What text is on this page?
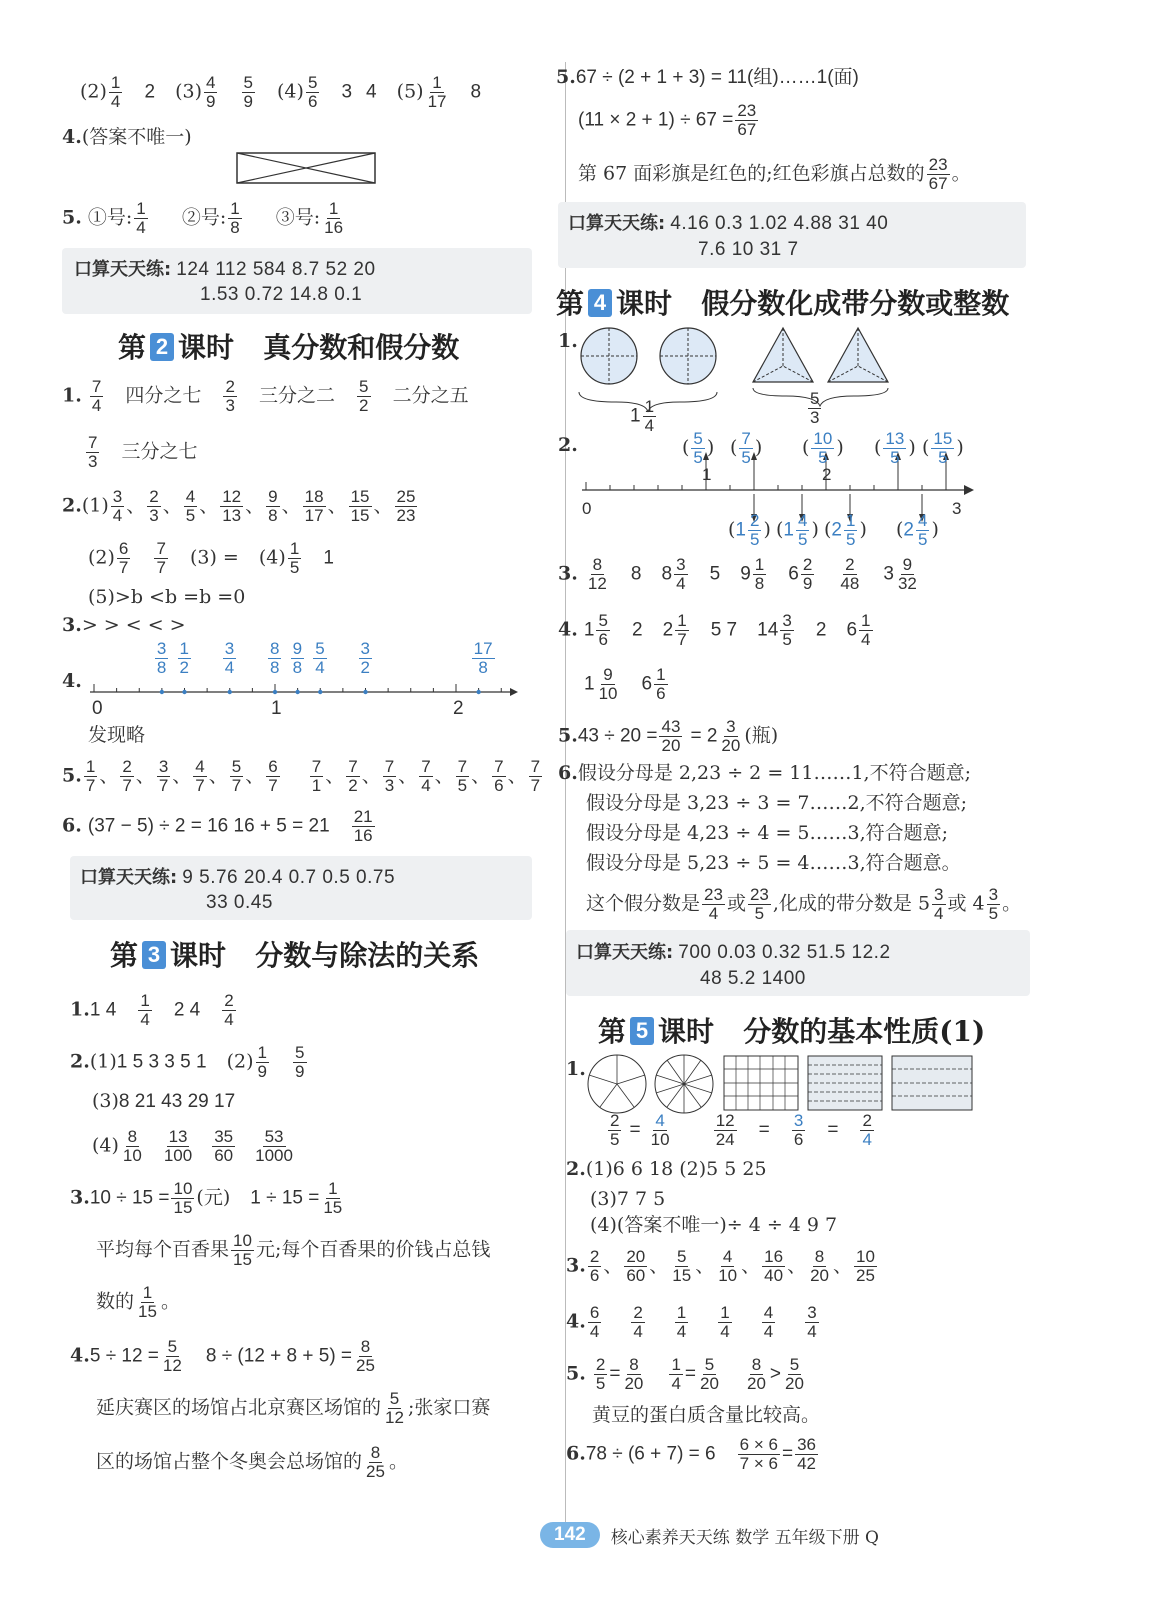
$(2) \frac{1}{4} 2$ $(3) \frac{4}{9}$
$\frac{5}{9} (4) \frac{5}{6} 3$ 4 $(5) \frac{1}{17} 8$
4.(答案不唯一)
5. ①号: $\frac{1}{4}$ ②号: $\frac{1}{8}$ ③号: $\frac{1}{16}$
口算天天练: 124 112 584 8.7 52 20
1.53 0.72 14.8 0.1
第 2 课时 真分数和假分数
1. $\frac{7}{4}$ 四分之七 $\frac{2}{3}$ 三分之二 $\frac{5}{2}$ 二分之五
$\frac{7}{3}$ 三分之七
$2.(1) \frac{3}{4}$ 、 $\frac{2}{3}$ 、 $\frac{4}{5}$ 、 $\frac{12}{13}$ 、 $\frac{9}{8}$ 、 $\frac{18}{17}$ 、 $\frac{15}{15}$ 、 $\frac{25}{23}$
$(2) \frac{6}{7}$
$\frac{7}{7} (3) = (4) \frac{1}{5} 1$
(5)>b <b =b =0
3.> > < < >
4.
$\frac{3}{8} \frac{1}{2} \frac{3}{4} \frac{8}{8} \frac{9}{8} \frac{5}{4} \frac{3}{2}$	$\frac{17}{8}$
0	1	2
发现略
5. $\frac{1}{7}$ 、 $\frac{2}{7}$ 、 $\frac{3}{7}$ 、 $\frac{4}{7}$ 、 $\frac{5}{7}$ 、 $\frac{6}{7} \frac{7}{1}$ 、 $\frac{7}{2}$ 、 $\frac{7}{3}$ 、 $\frac{7}{4}$ 、 $\frac{7}{5}$ 、 $\frac{7}{6}$ 、 $\frac{7}{7}$
6. (37 − 5) ÷ 2 = 16 $16 + 5 = 21 \frac{21}{16}$
口算天天练: 9 5.76 20.4 0.7 0.5 0.75
33 0.45
第 3 课时 分数与除法的关系
1.1 $4 \frac{1}{4} 2$ $4 \frac{2}{4}$
2.(1)1 5 3 3 5 1 $(2) \frac{1}{9}$
$\frac{5}{9}$
(3)8 21 43 29 17
$(4) \frac{8}{10} \frac{13}{100} \frac{35}{60} \frac{53}{1000}$
$3.10 \div 15 = \frac{10}{15}$ (元) $1 \div 15 = \frac{1}{15}$
平均每个百香果 $\frac{10}{15}$ 元;每个百香果的价钱占总钱
数的 $\frac{1}{15}$ 。
$4.5 \div 12 = \frac{5}{12} 8 \div (12 + 8 + 5) = \frac{8}{25}$
延庆赛区的场馆占北京赛区场馆的 $\frac{5}{12}$ ;张家口赛
区的场馆占整个冬奥会总场馆的 $\frac{8}{25}$ 。
5.67 ÷ (2 + 1 + 3) = 11(组)……1(面)
$(11 \times 2 + 1) \div 67 = \frac{23}{67}$
第 67 面彩旗是红色的;红色彩旗占总数的 $\frac{23}{67}$ 。
口算天天练: 4.16 0.3 1.02 4.88 31 40
7.6 10 31 7
第 4 课时 假分数化成带分数或整数
1.
$1 \frac{1}{4}$	$\frac{5}{3}$
2.
0
1	2
3
( $\frac{5}{5}$ ) ( $\frac{7}{5}$ ) ( $\frac{10}{5}$ ) ( $\frac{13}{5}$ ) ( $\frac{15}{5}$ )
($1 \frac{2}{5}$ ) ($1 \frac{4}{5}$ ) ($2 \frac{1}{5}$ ) ($2 \frac{4}{5}$ )
3. $\frac{8}{12} 8$ $8 \frac{3}{4} 5$ $9 \frac{1}{8} 6 \frac{2}{9}$
$\frac{2}{48} 3 \frac{9}{32}$
4. $1 \frac{5}{6} 2$ $2 \frac{1}{7} 5$ 7 $14 \frac{3}{5} 2$ $6 \frac{1}{4}$
$1 \frac{9}{10} 6 \frac{1}{6}$
$5.43 \div 20 = \frac{43}{20} = 2 \frac{3}{20}$ (瓶)
6.假设分母是 2,23 ÷ 2 = 11……1,不符合题意;
假设分母是 3,23 ÷ 3 = 7……2,不符合题意;
假设分母是 4,23 ÷ 4 = 5……3,符合题意;
假设分母是 5,23 ÷ 5 = 4……3,符合题意。
这个假分数是 $\frac{23}{4}$ 或 $\frac{23}{5}$ ,化成的带分数是 $5 \frac{3}{4}$ 或 $4 \frac{3}{5}$ 。
口算天天练: 700 0.03 0.32 51.5 12.2
48 5.2 1400
第 5 课时 分数的基本性质(1)
1.
$\frac{2}{5} = \frac{4}{10}$
$\frac{12}{24} = \frac{3}{6} = \frac{2}{4}$
2.(1)6 6 18 (2)5 5 25
(3)7 7 5
(4)(答案不唯一)÷ 4 ÷ 4 9 7
3. $\frac{2}{6}$ 、 $\frac{20}{60}$ 、 $\frac{5}{15}$ 、 $\frac{4}{10}$ 、 $\frac{16}{40}$ 、 $\frac{8}{20}$ 、 $\frac{10}{25}$
4. $\frac{6}{4} \frac{2}{4} \frac{1}{4} \frac{1}{4} \frac{4}{4} \frac{3}{4}$
5. $\frac{2}{5} = \frac{8}{20}$
$\frac{1}{4} = \frac{5}{20}$
$\frac{8}{20} > \frac{5}{20}$
黄豆的蛋白质含量比较高。
$6.78 \div (6 + 7) = 6 \frac{6 \times 6}{7 \times 6} = \frac{36}{42}$
142 核心素养天天练 数学 五年级下册 Q
